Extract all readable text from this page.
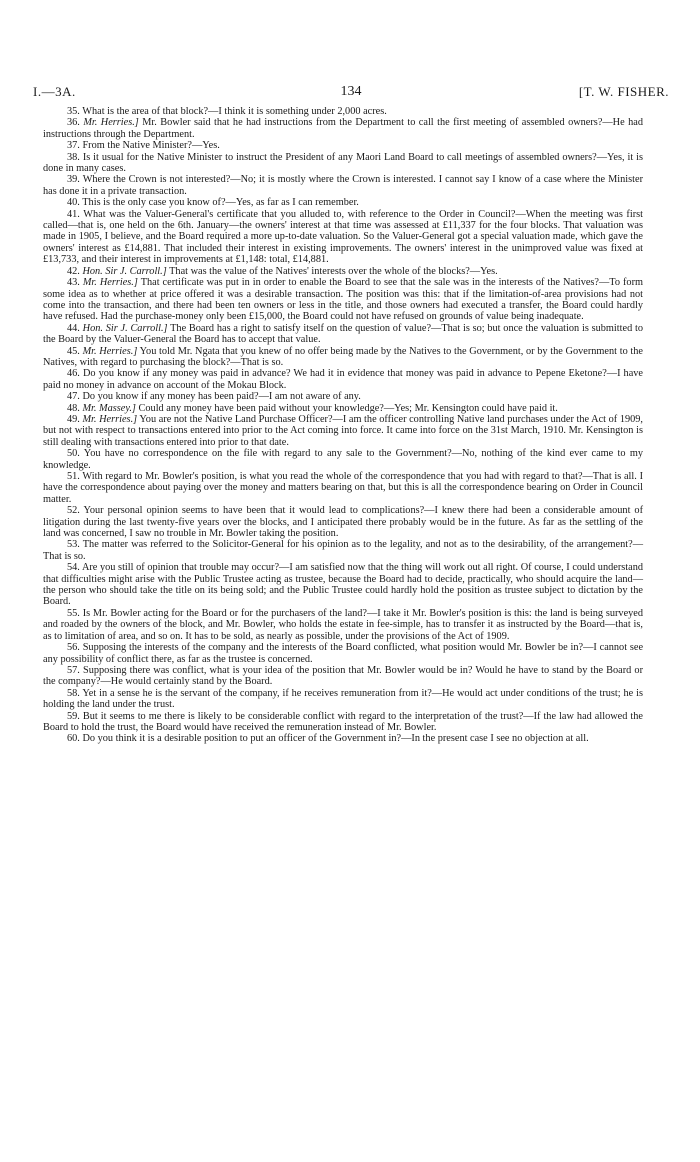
I.—3A.	134	[T. W. FISHER.

35. What is the area of that block?—I think it is something under 2,000 acres.

36. Mr. Herries.] Mr. Bowler said that he had instructions from the Department to call the first meeting of assembled owners?—He had instructions through the Department.

37. From the Native Minister?—Yes.

38. Is it usual for the Native Minister to instruct the President of any Maori Land Board to call meetings of assembled owners?—Yes, it is done in many cases.

39. Where the Crown is not interested?—No; it is mostly where the Crown is interested. I cannot say I know of a case where the Minister has done it in a private transaction.

40. This is the only case you know of?—Yes, as far as I can remember.

41. What was the Valuer-General's certificate that you alluded to, with reference to the Order in Council?—When the meeting was first called—that is, one held on the 6th. January—the owners' interest at that time was assessed at £11,337 for the four blocks. That valuation was made in 1905, I believe, and the Board required a more up-to-date valuation. So the Valuer-General got a special valuation made, which gave the owners' interest as £14,881. That included their interest in existing improvements. The owners' interest in the unimproved value was fixed at £13,733, and their interest in improvements at £1,148: total, £14,881.

42. Hon. Sir J. Carroll.] That was the value of the Natives' interests over the whole of the blocks?—Yes.

43. Mr. Herries.] That certificate was put in in order to enable the Board to see that the sale was in the interests of the Natives?—To form some idea as to whether at price offered it was a desirable transaction. The position was this: that if the limitation-of-area provisions had not come into the transaction, and there had been ten owners or less in the title, and those owners had executed a transfer, the Board could hardly have refused. Had the purchase-money only been £15,000, the Board could not have refused on grounds of value being inadequate.

44. Hon. Sir J. Carroll.] The Board has a right to satisfy itself on the question of value?—That is so; but once the valuation is submitted to the Board by the Valuer-General the Board has to accept that value.

45. Mr. Herries.] You told Mr. Ngata that you knew of no offer being made by the Natives to the Government, or by the Government to the Natives, with regard to purchasing the block?—That is so.

46. Do you know if any money was paid in advance? We had it in evidence that money was paid in advance to Pepene Eketone?—I have paid no money in advance on account of the Mokau Block.

47. Do you know if any money has been paid?—I am not aware of any.

48. Mr. Massey.] Could any money have been paid without your knowledge?—Yes; Mr. Kensington could have paid it.

49. Mr. Herries.] You are not the Native Land Purchase Officer?—I am the officer controlling Native land purchases under the Act of 1909, but not with respect to transactions entered into prior to the Act coming into force. It came into force on the 31st March, 1910. Mr. Kensington is still dealing with transactions entered into prior to that date.

50. You have no correspondence on the file with regard to any sale to the Government?—No, nothing of the kind ever came to my knowledge.

51. With regard to Mr. Bowler's position, is what you read the whole of the correspondence that you had with regard to that?—That is all. I have the correspondence about paying over the money and matters bearing on that, but this is all the correspondence bearing on Order in Council matter.

52. Your personal opinion seems to have been that it would lead to complications?—I knew there had been a considerable amount of litigation during the last twenty-five years over the blocks, and I anticipated there probably would be in the future. As far as the settling of the land was concerned, I saw no trouble in Mr. Bowler taking the position.

53. The matter was referred to the Solicitor-General for his opinion as to the legality, and not as to the desirability, of the arrangement?—That is so.

54. Are you still of opinion that trouble may occur?—I am satisfied now that the thing will work out all right. Of course, I could understand that difficulties might arise with the Public Trustee acting as trustee, because the Board had to decide, practically, who should acquire the land—the person who should take the title on its being sold; and the Public Trustee could hardly hold the position as trustee subject to dictation by the Board.

55. Is Mr. Bowler acting for the Board or for the purchasers of the land?—I take it Mr. Bowler's position is this: the land is being surveyed and roaded by the owners of the block, and Mr. Bowler, who holds the estate in fee-simple, has to transfer it as instructed by the Board—that is, as to limitation of area, and so on. It has to be sold, as nearly as possible, under the provisions of the Act of 1909.

56. Supposing the interests of the company and the interests of the Board conflicted, what position would Mr. Bowler be in?—I cannot see any possibility of conflict there, as far as the trustee is concerned.

57. Supposing there was conflict, what is your idea of the position that Mr. Bowler would be in? Would he have to stand by the Board or the company?—He would certainly stand by the Board.

58. Yet in a sense he is the servant of the company, if he receives remuneration from it?—He would act under conditions of the trust; he is holding the land under the trust.

59. But it seems to me there is likely to be considerable conflict with regard to the interpretation of the trust?—If the law had allowed the Board to hold the trust, the Board would have received the remuneration instead of Mr. Bowler.

60. Do you think it is a desirable position to put an officer of the Government in?—In the present case I see no objection at all.
